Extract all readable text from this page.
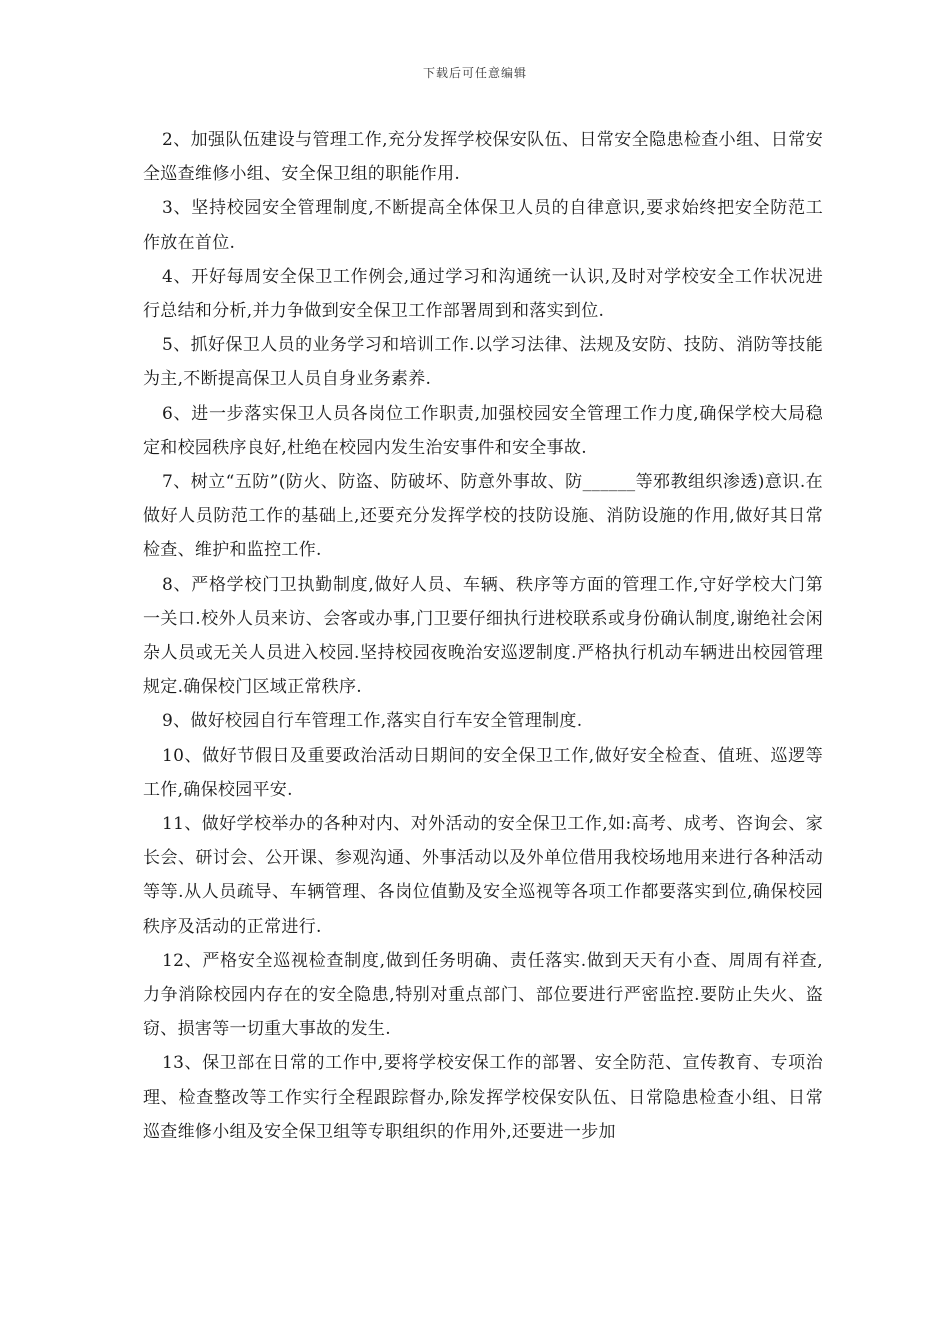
下载后可任意编辑

2、加强队伍建设与管理工作,充分发挥学校保安队伍、日常安全隐患检查小组、日常安全巡查维修小组、安全保卫组的职能作用.

3、坚持校园安全管理制度,不断提高全体保卫人员的自律意识,要求始终把安全防范工作放在首位.

4、开好每周安全保卫工作例会,通过学习和沟通统一认识,及时对学校安全工作状况进行总结和分析,并力争做到安全保卫工作部署周到和落实到位.

5、抓好保卫人员的业务学习和培训工作.以学习法律、法规及安防、技防、消防等技能为主,不断提高保卫人员自身业务素养.

6、进一步落实保卫人员各岗位工作职责,加强校园安全管理工作力度,确保学校大局稳定和校园秩序良好,杜绝在校园内发生治安事件和安全事故.

7、树立“五防”(防火、防盗、防破坏、防意外事故、防______等邪教组织渗透)意识.在做好人员防范工作的基础上,还要充分发挥学校的技防设施、消防设施的作用,做好其日常检查、维护和监控工作.

8、严格学校门卫执勤制度,做好人员、车辆、秩序等方面的管理工作,守好学校大门第一关口.校外人员来访、会客或办事,门卫要仔细执行进校联系或身份确认制度,谢绝社会闲杂人员或无关人员进入校园.坚持校园夜晚治安巡逻制度.严格执行机动车辆进出校园管理规定.确保校门区域正常秩序.

9、做好校园自行车管理工作,落实自行车安全管理制度.

10、做好节假日及重要政治活动日期间的安全保卫工作,做好安全检查、值班、巡逻等工作,确保校园平安.

11、做好学校举办的各种对内、对外活动的安全保卫工作,如:高考、成考、咨询会、家长会、研讨会、公开课、参观沟通、外事活动以及外单位借用我校场地用来进行各种活动等等.从人员疏导、车辆管理、各岗位值勤及安全巡视等各项工作都要落实到位,确保校园秩序及活动的正常进行.

12、严格安全巡视检查制度,做到任务明确、责任落实.做到天天有小查、周周有祥查,力争消除校园内存在的安全隐患,特别对重点部门、部位要进行严密监控.要防止失火、盗窃、损害等一切重大事故的发生.

13、保卫部在日常的工作中,要将学校安保工作的部署、安全防范、宣传教育、专项治理、检查整改等工作实行全程跟踪督办,除发挥学校保安队伍、日常隐患检查小组、日常巡查维修小组及安全保卫组等专职组织的作用外,还要进一步加
